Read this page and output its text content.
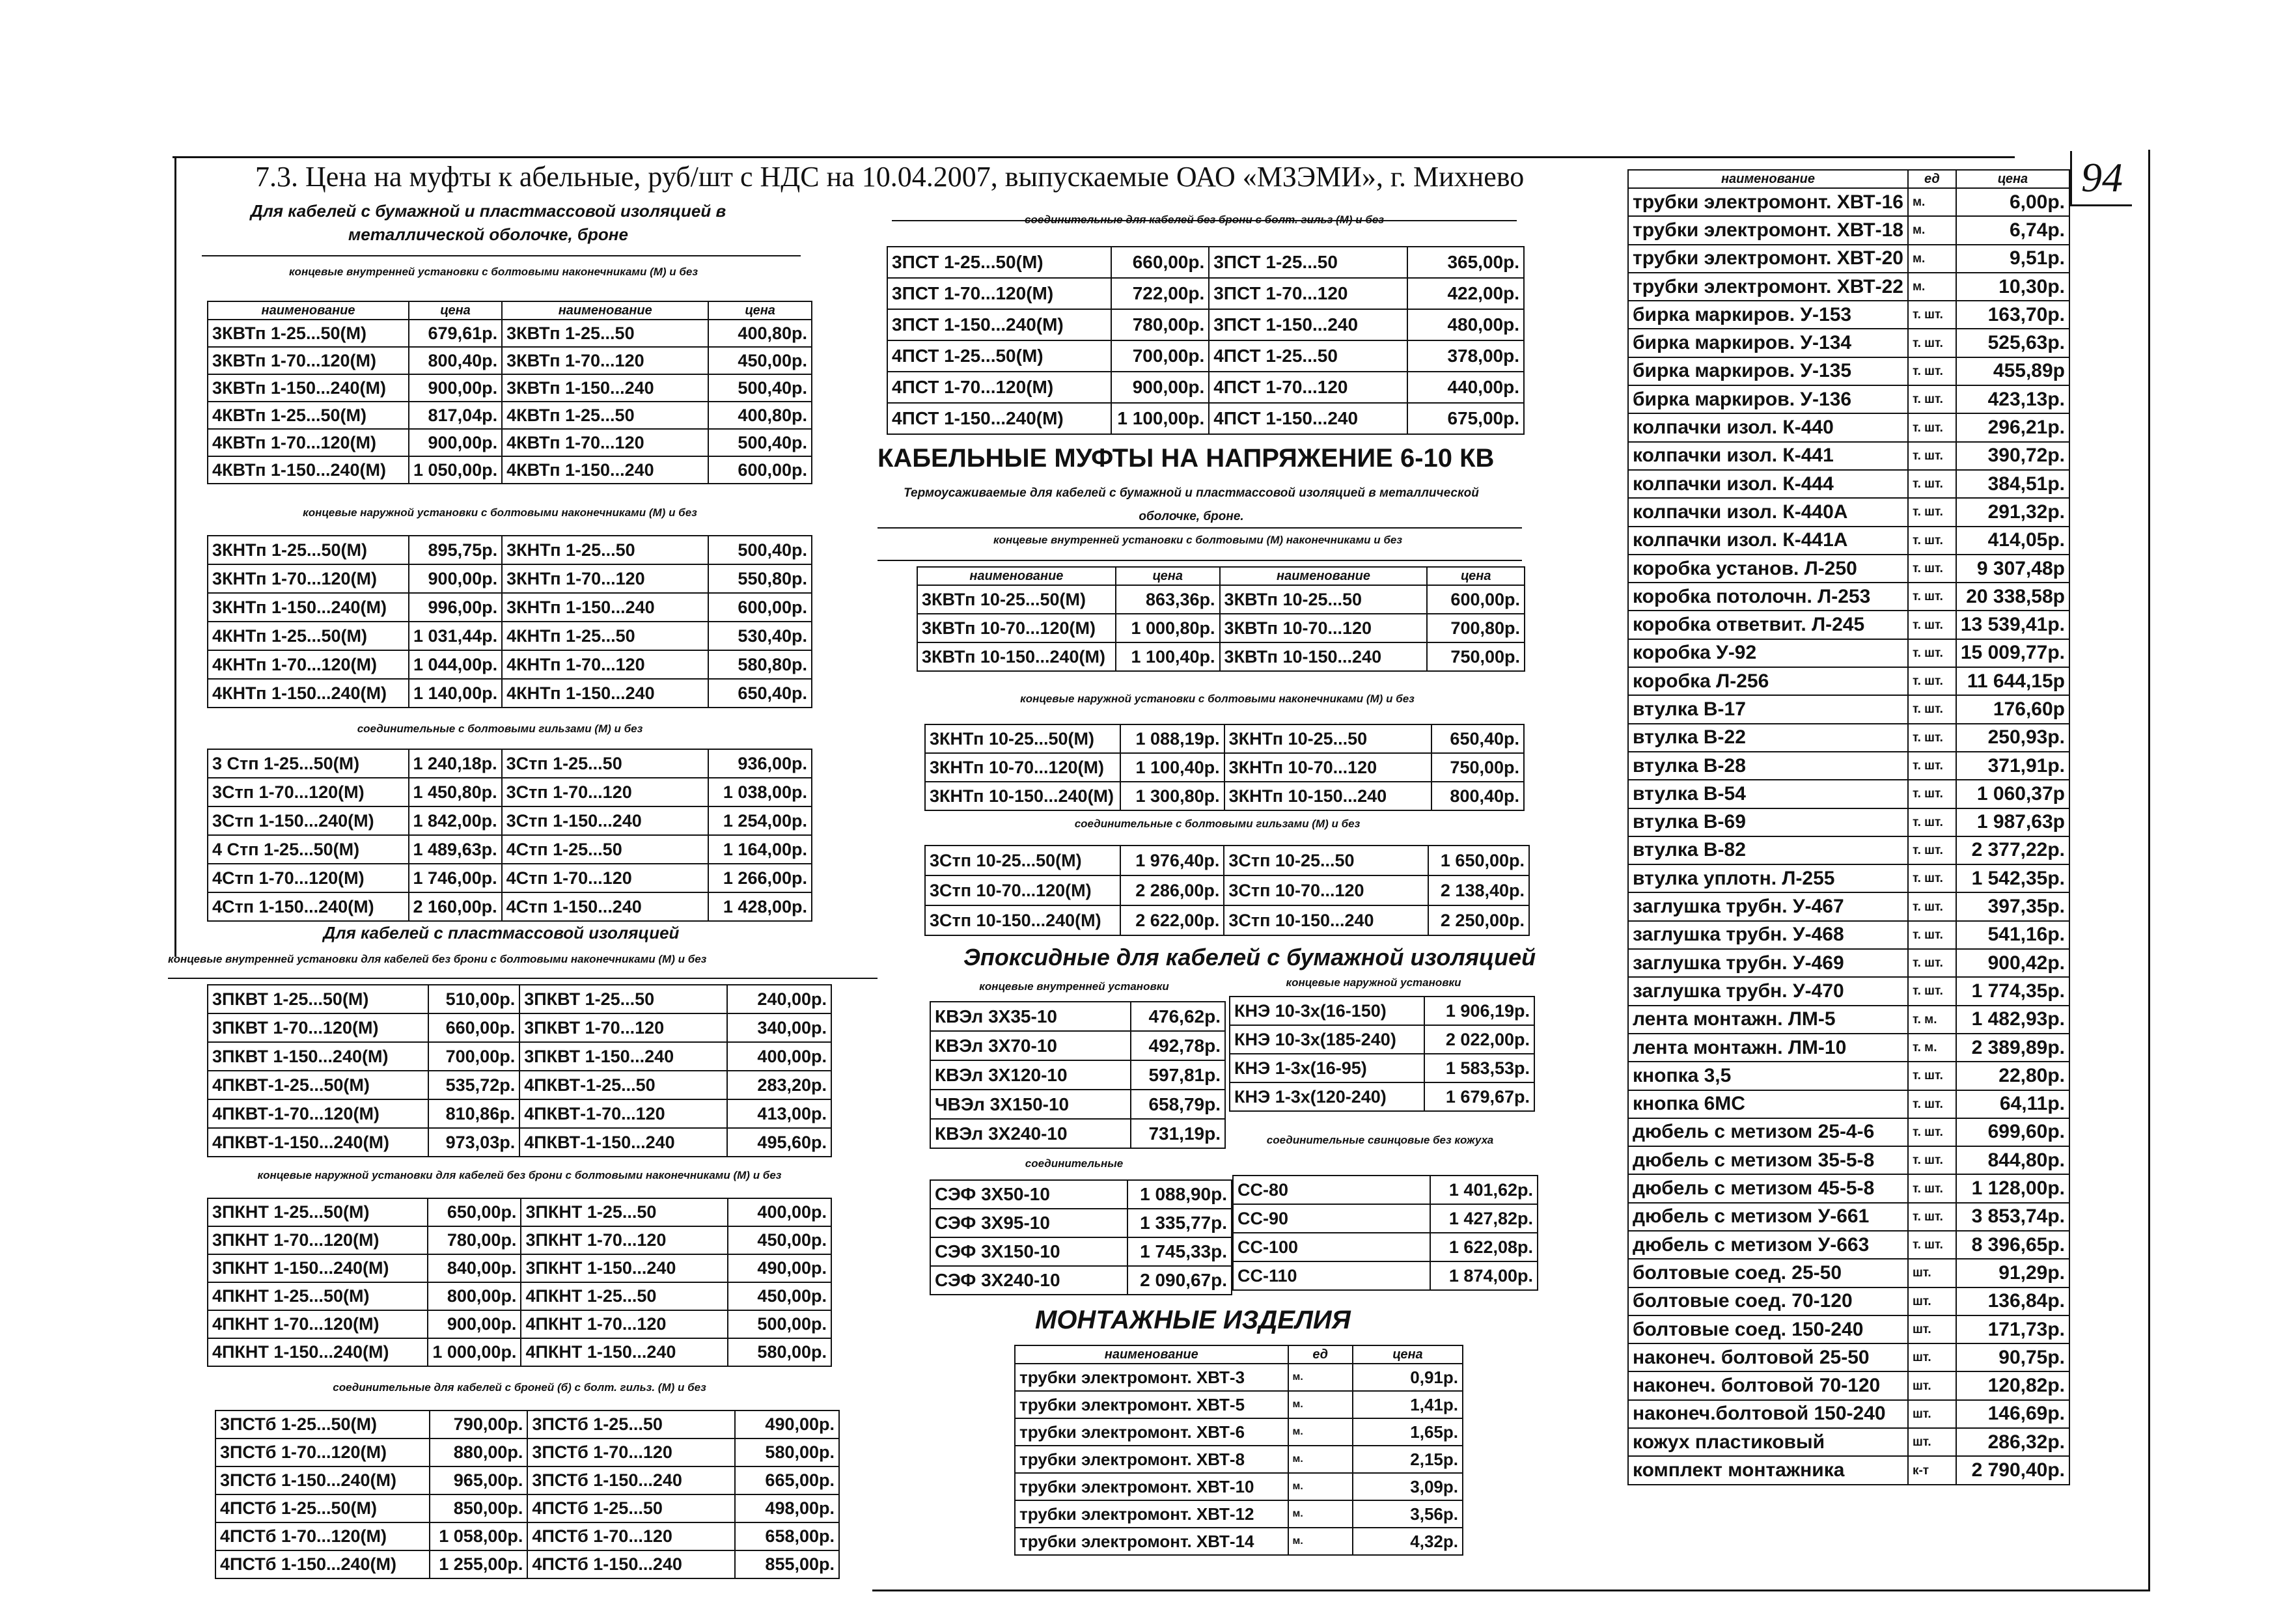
7.3. Цена на муфты к абельные, руб/шт с НДС на 10.04.2007, выпускаемые ОАО «МЗЭМИ», г. Михнево	94
Для кабелей с бумажной и пластмассовой изоляцией в металлической оболочке, броне
концевые внутренней установки с болтовыми наконечниками (М) и без
наименование	цена	наименование	цена
3КВТп 1-25...50(М)	679,61р.	3КВТп 1-25...50	400,80р.
3КВТп 1-70...120(М)	800,40р.	3КВТп 1-70...120	450,00р.
3КВТп 1-150...240(М)	900,00р.	3КВТп 1-150...240	500,40р.
4КВТп 1-25...50(М)	817,04р.	4КВТп 1-25...50	400,80р.
4КВТп 1-70...120(М)	900,00р.	4КВТп 1-70...120	500,40р.
4КВТп 1-150...240(М)	1 050,00р.	4КВТп 1-150...240	600,00р.
концевые наружной установки с болтовыми наконечниками (М) и без
3КНТп 1-25...50(М)	895,75р.	3КНТп 1-25...50	500,40р.
3КНТп 1-70...120(М)	900,00р.	3КНТп 1-70...120	550,80р.
3КНТп 1-150...240(М)	996,00р.	3КНТп 1-150...240	600,00р.
4КНТп 1-25...50(М)	1 031,44р.	4КНТп 1-25...50	530,40р.
4КНТп 1-70...120(М)	1 044,00р.	4КНТп 1-70...120	580,80р.
4КНТп 1-150...240(М)	1 140,00р.	4КНТп 1-150...240	650,40р.
соединительные с болтовыми гильзами (М) и без
3 Стп 1-25...50(М)	1 240,18р.	3Стп 1-25...50	936,00р.
3Стп 1-70...120(М)	1 450,80р.	3Стп 1-70...120	1 038,00р.
3Стп 1-150...240(М)	1 842,00р.	3Стп 1-150...240	1 254,00р.
4 Стп 1-25...50(М)	1 489,63р.	4Стп 1-25...50	1 164,00р.
4Стп 1-70...120(М)	1 746,00р.	4Стп 1-70...120	1 266,00р.
4Стп 1-150...240(М)	2 160,00р.	4Стп 1-150...240	1 428,00р.
Для кабелей с пластмассовой изоляцией
концевые внутренней установки для кабелей без брони с болтовыми наконечниками (М) и без
3ПКВТ 1-25...50(М)	510,00р.	3ПКВТ 1-25...50	240,00р.
3ПКВТ 1-70...120(М)	660,00р.	3ПКВТ 1-70...120	340,00р.
3ПКВТ 1-150...240(М)	700,00р.	3ПКВТ 1-150...240	400,00р.
4ПКВТ-1-25...50(М)	535,72р.	4ПКВТ-1-25...50	283,20р.
4ПКВТ-1-70...120(М)	810,86р.	4ПКВТ-1-70...120	413,00р.
4ПКВТ-1-150...240(М)	973,03р.	4ПКВТ-1-150...240	495,60р.
концевые наружной установки для кабелей без брони с болтовыми наконечниками (М) и без
3ПКНТ 1-25...50(М)	650,00р.	3ПКНТ 1-25...50	400,00р.
3ПКНТ 1-70...120(М)	780,00р.	3ПКНТ 1-70...120	450,00р.
3ПКНТ 1-150...240(М)	840,00р.	3ПКНТ 1-150...240	490,00р.
4ПКНТ 1-25...50(М)	800,00р.	4ПКНТ 1-25...50	450,00р.
4ПКНТ 1-70...120(М)	900,00р.	4ПКНТ 1-70...120	500,00р.
4ПКНТ 1-150...240(М)	1 000,00р.	4ПКНТ 1-150...240	580,00р.
соединительные для кабелей с броней (б) с болт. гильз. (М) и без
3ПСТб 1-25...50(М)	790,00р.	3ПСТб 1-25...50	490,00р.
3ПСТб 1-70...120(М)	880,00р.	3ПСТб 1-70...120	580,00р.
3ПСТб 1-150...240(М)	965,00р.	3ПСТб 1-150...240	665,00р.
4ПСТб 1-25...50(М)	850,00р.	4ПСТб 1-25...50	498,00р.
4ПСТб 1-70...120(М)	1 058,00р.	4ПСТб 1-70...120	658,00р.
4ПСТб 1-150...240(М)	1 255,00р.	4ПСТб 1-150...240	855,00р.
соединительные для кабелей без брони с болт. гильз (М) и без
3ПСТ 1-25...50(М)	660,00р.	3ПСТ 1-25...50	365,00р.
3ПСТ 1-70...120(М)	722,00р.	3ПСТ 1-70...120	422,00р.
3ПСТ 1-150...240(М)	780,00р.	3ПСТ 1-150...240	480,00р.
4ПСТ 1-25...50(М)	700,00р.	4ПСТ 1-25...50	378,00р.
4ПСТ 1-70...120(М)	900,00р.	4ПСТ 1-70...120	440,00р.
4ПСТ 1-150...240(М)	1 100,00р.	4ПСТ 1-150...240	675,00р.
КАБЕЛЬНЫЕ МУФТЫ НА НАПРЯЖЕНИЕ 6-10 КВ
Термоусаживаемые для кабелей с бумажной и пластмассовой изоляцией в металлической оболочке, броне.
концевые внутренней установки с болтовыми (М) наконечниками и без
наименование	цена	наименование	цена
3КВТп 10-25...50(М)	863,36р.	3КВТп 10-25...50	600,00р.
3КВТп 10-70...120(М)	1 000,80р.	3КВТп 10-70...120	700,80р.
3КВТп 10-150...240(М)	1 100,40р.	3КВТп 10-150...240	750,00р.
концевые наружной установки с болтовыми наконечниками (М) и без
3КНТп 10-25...50(М)	1 088,19р.	3КНТп 10-25...50	650,40р.
3КНТп 10-70...120(М)	1 100,40р.	3КНТп 10-70...120	750,00р.
3КНТп 10-150...240(М)	1 300,80р.	3КНТп 10-150...240	800,40р.
соединительные с болтовыми гильзами (М) и без
3Стп 10-25...50(М)	1 976,40р.	3Стп 10-25...50	1 650,00р.
3Стп 10-70...120(М)	2 286,00р.	3Стп 10-70...120	2 138,40р.
3Стп 10-150...240(М)	2 622,00р.	3Стп 10-150...240	2 250,00р.
Эпоксидные для кабелей с бумажной изоляцией
концевые внутренней установки	концевые наружной установки
КВЭл 3Х35-10	476,62р.
КВЭл 3Х70-10	492,78р.
КВЭл 3Х120-10	597,81р.
ЧВЭл 3Х150-10	658,79р.
КВЭл 3Х240-10	731,19р.
КНЭ 10-3х(16-150)	1 906,19р.
КНЭ 10-3х(185-240)	2 022,00р.
КНЭ 1-3х(16-95)	1 583,53р.
КНЭ 1-3х(120-240)	1 679,67р.
соединительные
соединительные свинцовые без кожуха
СЭФ 3Х50-10	1 088,90р.
СЭФ 3Х95-10	1 335,77р.
СЭФ 3Х150-10	1 745,33р.
СЭФ 3Х240-10	2 090,67р.
СС-80	1 401,62р.
СС-90	1 427,82р.
СС-100	1 622,08р.
СС-110	1 874,00р.
МОНТАЖНЫЕ ИЗДЕЛИЯ
наименование	ед	цена
трубки электромонт. ХВТ-3	м.	0,91р.
трубки электромонт. ХВТ-5	м.	1,41р.
трубки электромонт. ХВТ-6	м.	1,65р.
трубки электромонт. ХВТ-8	м.	2,15р.
трубки электромонт. ХВТ-10	м.	3,09р.
трубки электромонт. ХВТ-12	м.	3,56р.
трубки электромонт. ХВТ-14	м.	4,32р.
наименование	ед	цена
трубки электромонт. ХВТ-16	м.	6,00р.
трубки электромонт. ХВТ-18	м.	6,74р.
трубки электромонт. ХВТ-20	м.	9,51р.
трубки электромонт. ХВТ-22	м.	10,30р.
бирка маркиров. У-153	т. шт.	163,70р.
бирка маркиров. У-134	т. шт.	525,63р.
бирка маркиров. У-135	т. шт.	455,89р
бирка маркиров. У-136	т. шт.	423,13р.
колпачки изол. К-440	т. шт.	296,21р.
колпачки изол. К-441	т. шт.	390,72р.
колпачки изол. К-444	т. шт.	384,51р.
колпачки изол. К-440А	т. шт.	291,32р.
колпачки изол. К-441А	т. шт.	414,05р.
коробка установ. Л-250	т. шт.	9 307,48р
коробка потолочн. Л-253	т. шт.	20 338,58р
коробка ответвит. Л-245	т. шт.	13 539,41р.
коробка У-92	т. шт.	15 009,77р.
коробка Л-256	т. шт.	11 644,15р
втулка В-17	т. шт.	176,60р
втулка В-22	т. шт.	250,93р.
втулка В-28	т. шт.	371,91р.
втулка В-54	т. шт.	1 060,37р
втулка В-69	т. шт.	1 987,63р
втулка В-82	т. шт.	2 377,22р.
втулка уплотн. Л-255	т. шт.	1 542,35р.
заглушка трубн. У-467	т. шт.	397,35р.
заглушка трубн. У-468	т. шт.	541,16р.
заглушка трубн. У-469	т. шт.	900,42р.
заглушка трубн. У-470	т. шт.	1 774,35р.
лента монтажн. ЛМ-5	т. м.	1 482,93р.
лента монтажн. ЛМ-10	т. м.	2 389,89р.
кнопка 3,5	т. шт.	22,80р.
кнопка 6МС	т. шт.	64,11р.
дюбель с метизом 25-4-6	т. шт.	699,60р.
дюбель с метизом 35-5-8	т. шт.	844,80р.
дюбель с метизом 45-5-8	т. шт.	1 128,00р.
дюбель с метизом У-661	т. шт.	3 853,74р.
дюбель с метизом У-663	т. шт.	8 396,65р.
болтовые соед. 25-50	шт.	91,29р.
болтовые соед. 70-120	шт.	136,84р.
болтовые соед. 150-240	шт.	171,73р.
наконеч. болтовой 25-50	шт.	90,75р.
наконеч. болтовой 70-120	шт.	120,82р.
наконеч.болтовой 150-240	шт.	146,69р.
кожух пластиковый	шт.	286,32р.
комплект монтажника	к-т	2 790,40р.
